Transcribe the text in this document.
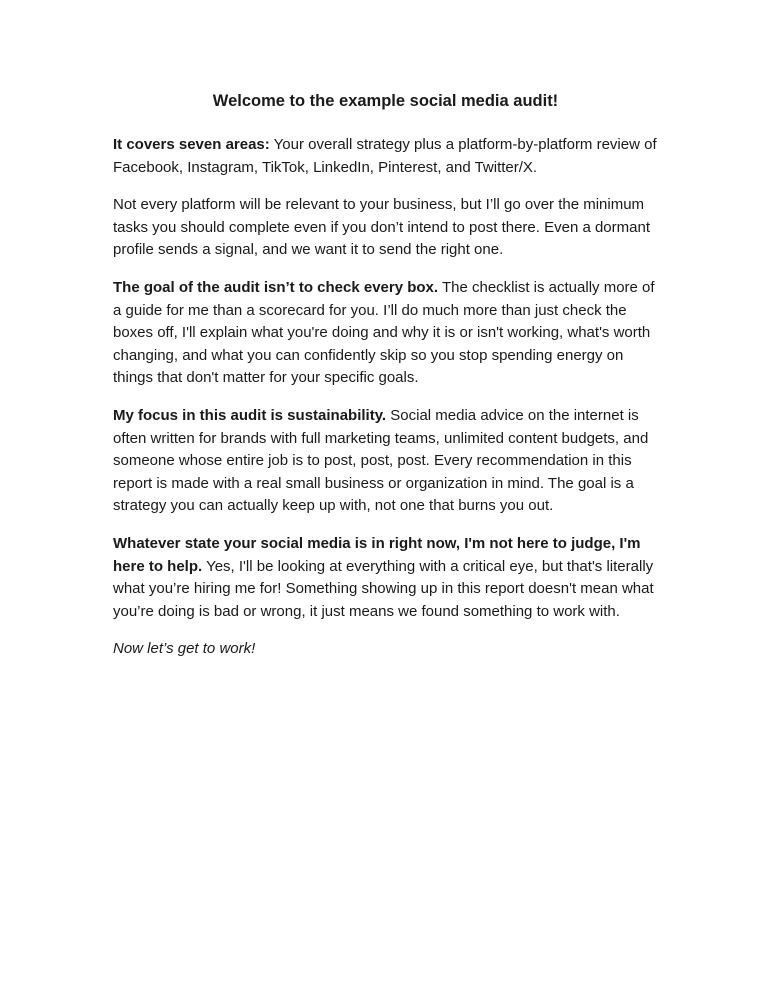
Welcome to the example social media audit!

It covers seven areas: Your overall strategy plus a platform-by-platform review of Facebook, Instagram, TikTok, LinkedIn, Pinterest, and Twitter/X.

Not every platform will be relevant to your business, but I’ll go over the minimum tasks you should complete even if you don’t intend to post there. Even a dormant profile sends a signal, and we want it to send the right one.

The goal of the audit isn’t to check every box. The checklist is actually more of a guide for me than a scorecard for you. I’ll do much more than just check the boxes off, I'll explain what you're doing and why it is or isn't working, what's worth changing, and what you can confidently skip so you stop spending energy on things that don't matter for your specific goals.

My focus in this audit is sustainability. Social media advice on the internet is often written for brands with full marketing teams, unlimited content budgets, and someone whose entire job is to post, post, post. Every recommendation in this report is made with a real small business or organization in mind. The goal is a strategy you can actually keep up with, not one that burns you out.

Whatever state your social media is in right now, I'm not here to judge, I'm here to help. Yes, I'll be looking at everything with a critical eye, but that's literally what you’re hiring me for! Something showing up in this report doesn't mean what you’re doing is bad or wrong, it just means we found something to work with.

Now let’s get to work!
